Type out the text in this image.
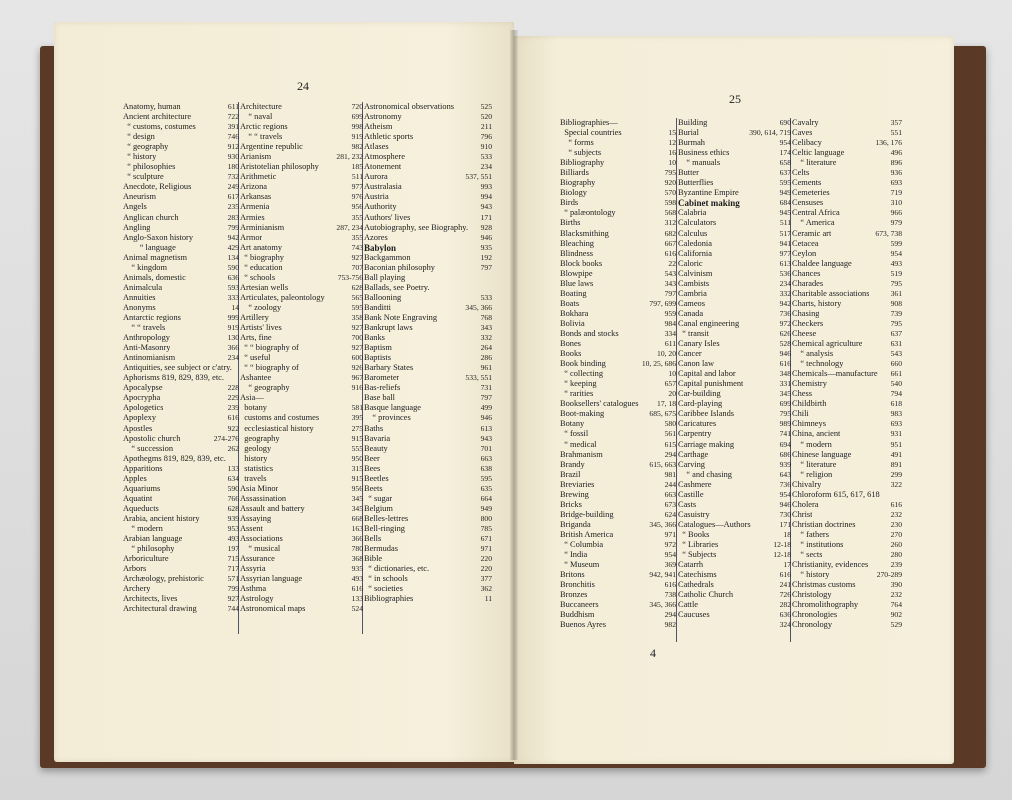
24
Anatomy, human	611
Ancient architecture	722
“ customs, costumes	391
“ design	746
“ geography	912
“ history	930
“ philosophies	180
“ sculpture	732
Anecdote, Religious	249
Aneurism	617
Angels	235
Anglican church	283
Angling	799
Anglo-Saxon history	942
“ language	429
Animal magnetism	134
“ kingdom	590
Animals, domestic	636
Animalcula	593
Annuities	333
Anonyms	14
Antarctic regions	999
“ “ travels	919
Anthropology	130
Anti-Masonry	366
Antinomianism	234
Antiquities, see subject or c'atry.
Aphorisms 819, 829, 839, etc.
Apocalypse	228
Apocrypha	229
Apologetics	239
Apoplexy	616
Apostles	922
Apostolic church	274-276
“ succession	262
Apothegms 819, 829, 839, etc.
Apparitions	133
Apples	634
Aquariums	590
Aquatint	766
Aqueducts	628
Arabia, ancient history	939
“ modern	953
Arabian language	493
“ philosophy	197
Arboriculture	715
Arbors	717
Archæology, prehistoric	571
Archery	799
Architects, lives	927
Architectural drawing	744
Architecture	720
“ naval	699
Arctic regions	998
“ “ travels	919
Argentine republic	982
Arianism	281, 232
Aristotelian philosophy	185
Arithmetic	511
Arizona	977
Arkansas	976
Armenia	956
Armies	355
Arminianism	287, 234
Armor	355
Art anatomy	743
“ biography	927
“ education	707
“ schools	753-756
Artesian wells	628
Articulates, paleontology	565
“ zoology	595
Artillery	358
Artists' lives	927
Arts, fine	700
“ “ biography of	927
“ useful	600
“ “ biography of	926
Ashantee	967
“ geography	916
Asia—
botany	581
customs and costumes	395
ecclesiastical history	275
geography	915
geology	555
history	950
statistics	315
travels	915
Asia Minor	956
Assassination	345
Assault and battery	345
Assaying	668
Assent	163
Associations	366
“ musical	780
Assurance	368
Assyria	935
Assyrian language	493
Asthma	616
Astrology	133
Astronomical maps	524
Astronomical observations	525
Astronomy	520
Atheism	211
Athletic sports	796
Atlases	910
Atmosphere	533
Atonement	234
Aurora	537, 551
Australasia	993
Austria	994
Authority	943
Authors' lives	171
Autobiography, see Biography. 928
Azores	946
Babylon	935
Backgammon	192
Baconian philosophy	797
Ball playing
Ballads, see Poetry.
Ballooning	533
Banditti	345, 366
Bank Note Engraving	768
Bankrupt laws	343
Banks	332
Baptism	264
Baptists	286
Barbary States	961
Barometer	533, 551
Bas-reliefs	731
Base ball	797
Basque language	499
“ provinces	946
Baths	613
Bavaria	943
Beauty	701
Beer	663
Bees	638
Beetles	595
Beets	635
“ sugar	664
Belgium	949
Belles-lettres	800
Bell-ringing	785
Bells	671
Bermudas	971
Bible	220
“ dictionaries, etc.	220
“ in schools	377
“ societies	362
Bibliographies	11
25
Bibliographies—
Special countries	15
“ forms	12
“ subjects	16
Bibliography	10
Billiards	795
Biography	920
Biology	570
Birds	598
“ palæontology	568
Births	312
Blacksmithing	682
Bleaching	667
Blindness	616
Block books	22
Blowpipe	543
Blue laws	343
Boating	797
Boats	797, 699
Bokhara	959
Bolivia	984
Bonds and stocks	334
Bones	611
Books	10, 20
Book binding	10, 25, 686
“ collecting	10
“ keeping	657
“ rarities	20
Booksellers' catalogues 17, 18
Boot-making	685, 675
Botany	580
“ fossil	561
“ medical	615
Brahmanism	294
Brandy	615, 663
Brazil	981
Breviaries	244
Brewing	663
Bricks	673
Bridge-building	624
Briganda	345, 366
British America	971
“ Columbia	972
“ India	954
“ Museum	369
Britons	942, 941
Bronchitis	616
Bronzes	738
Buccaneers	345, 366
Buddhism	294
Buenos Ayres	982
Building	690
Burial	390, 614, 719
Burmah	954
Business ethics	174
“ manuals	658
Butter	637
Butterflies	595
Byzantine Empire	949
Cabinet making	684
Calabria	945
Calculators	511
Calculus	517
Caledonia	941
California	977
Caloric	613
Calvinism	536
Cambists	234
Cambria	332
Cameos	942
Canada	736
Canal engineering	972
“ transit	626
Canary Isles	528
Cancer	946
Canon law	616
Capital and labor	348
Capital punishment	331
Car-building	345
Card-playing	699
Caribbee Islands	795
Caricatures	989
Carpentry	741
Carriage making	694
Carthage	686
Carving	939
“ and chasing	643
Cashmere	736
Castille	954
Casts	946
Casuistry	730
Catalogues—Authors	171
“ Books	18
“ Libraries	12-18
“ Subjects	12-18
Catarrh	17
Catechisms	616
Cathedrals	241
Catholic Church	726
Cattle	282
Caucuses	636
324
Cavalry	357
Caves	551
Celibacy	136, 176
Celtic language	496
“ literature	896
Celts	936
Cements	693
Cemeteries	719
Censuses	310
Central Africa	966
“ America	979
Ceramic art	673, 738
Cetacea	599
Ceylon	954
Chaldee language	493
Chances	519
Charades	795
Charitable associations	361
Charts, history	908
Chasing	739
Checkers	795
Cheese	637
Chemical agriculture	631
“ analysis	543
“ technology	660
Chemicals—manufacture 661
Chemistry	540
Chess	794
Childbirth	618
Chili	983
Chimneys	693
China, ancient	931
“ modern	951
Chinese language	491
“ literature	891
“ religion	299
Chivalry	322
Chloroform 615, 617, 618
Cholera	616
Christ	232
Christian doctrines	230
“ fathers	270
“ institutions	260
“ sects	280
Christianity, evidences	239
“ history	270-289
Christmas customs	390
Christology	232
Chromolithography	764
Chronologies	902
Chronology	529
4
